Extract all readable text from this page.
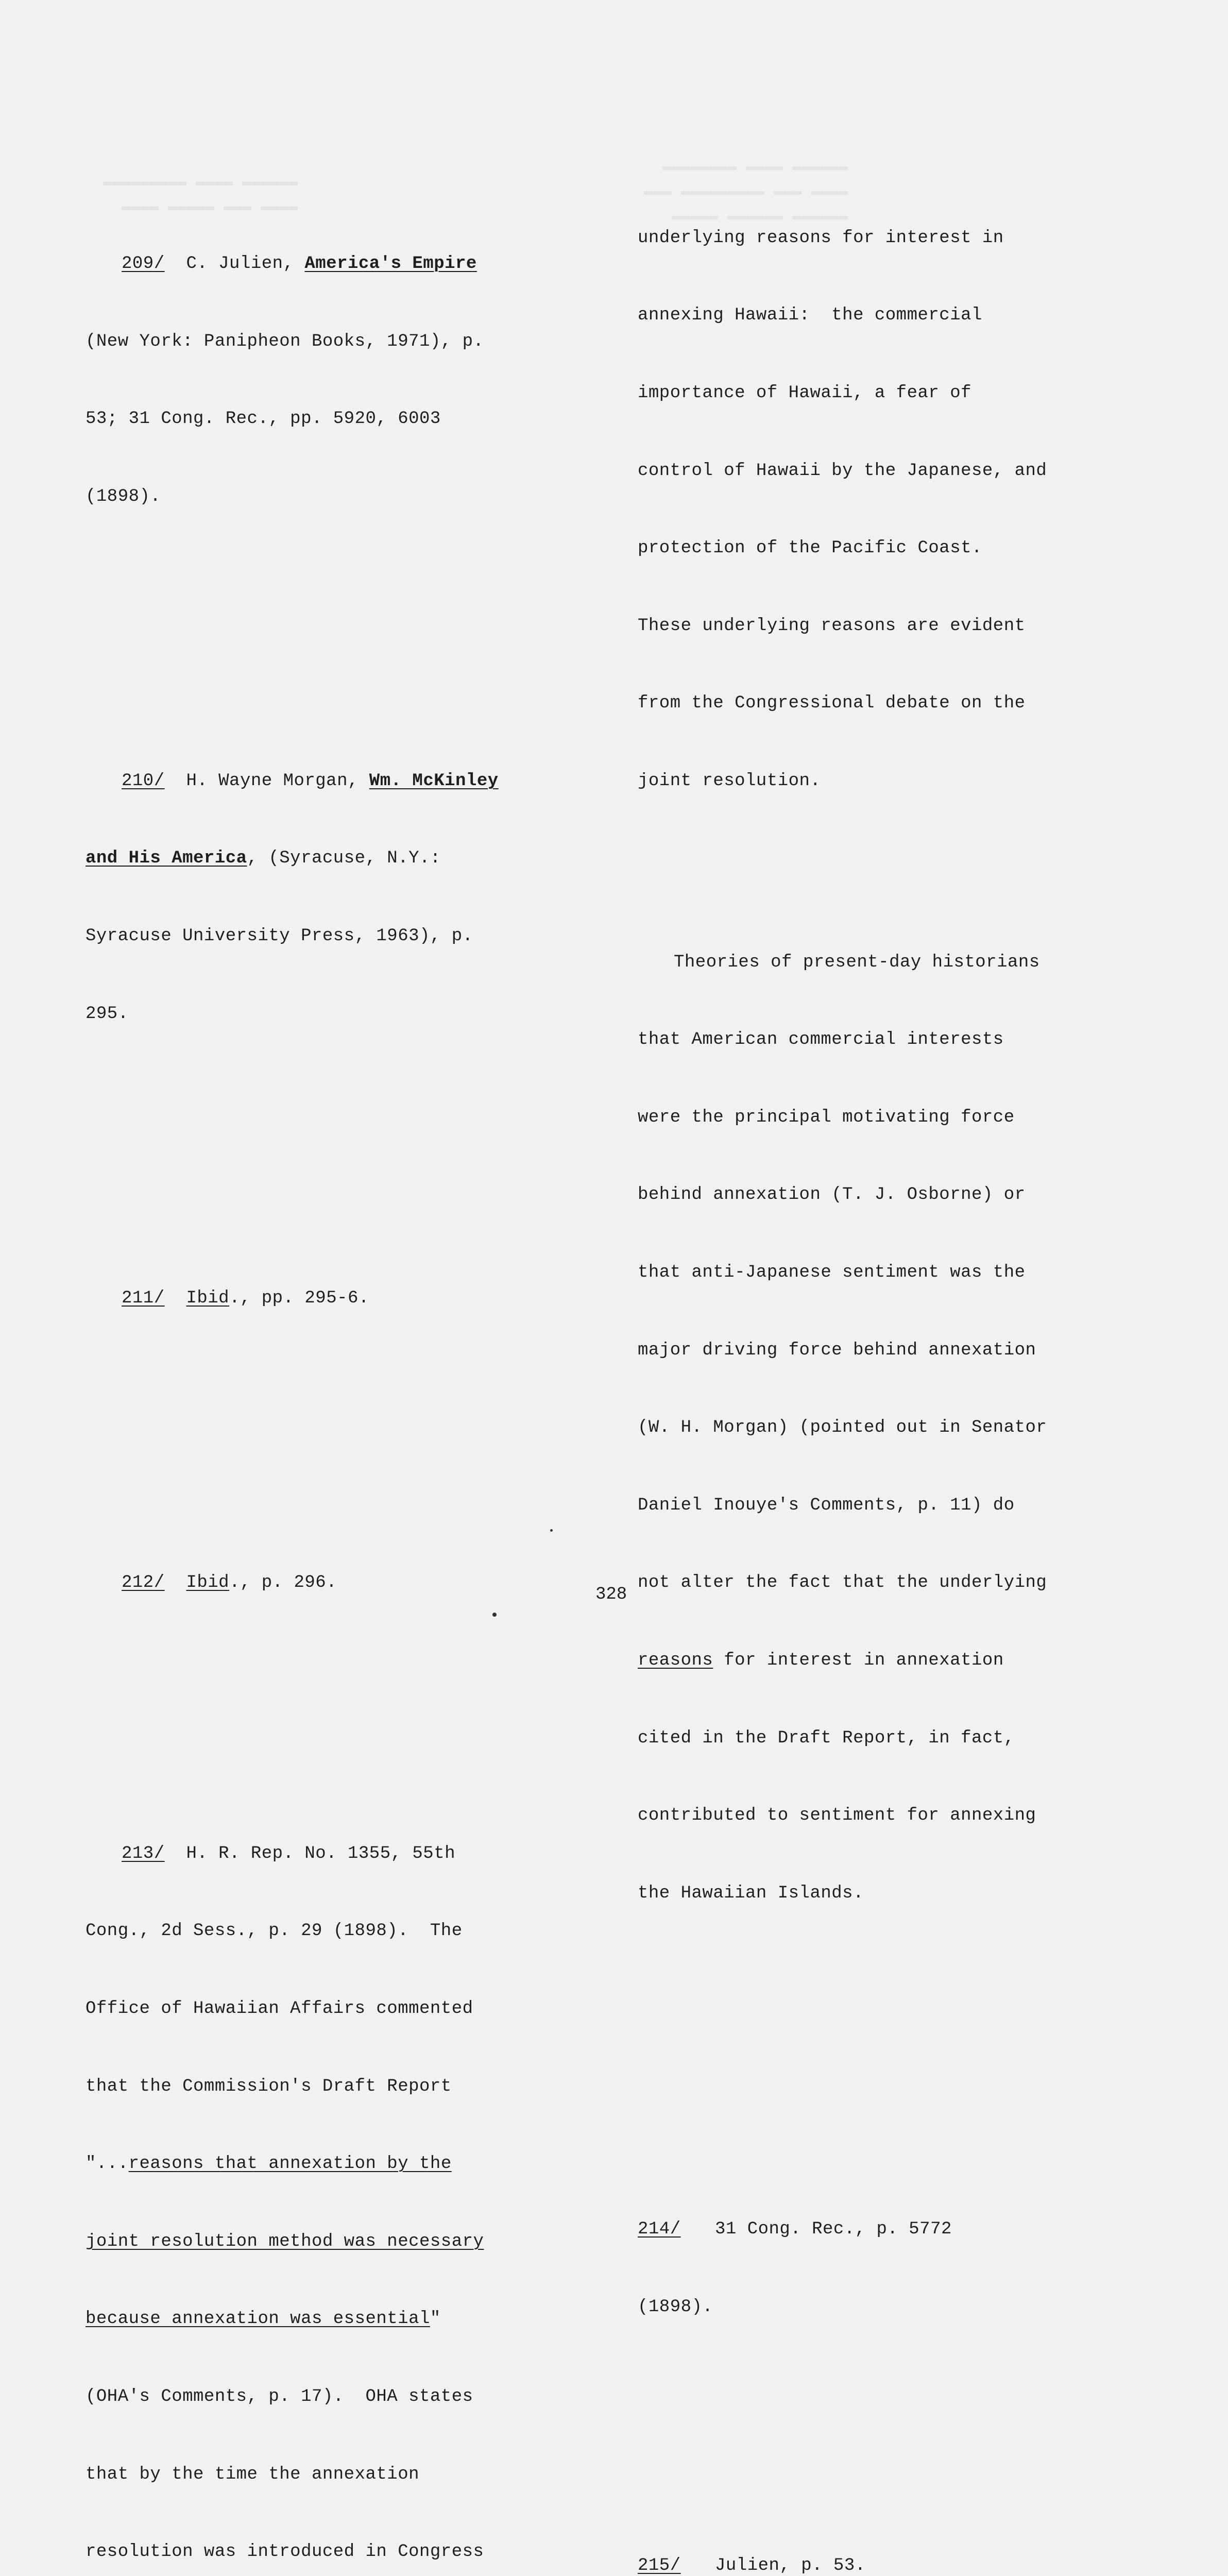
▬▬▬▬▬▬ ▬▬▬▬ ▬▬▬▬▬▬▬▬
▬▬▬▬ ▬▬▬ ▬▬▬▬▬▬▬▬▬ ▬▬▬
▬▬▬▬▬▬ ▬▬▬▬▬▬ ▬▬▬▬▬
▬▬▬▬▬▬ ▬▬▬▬ ▬▬▬▬▬▬▬▬▬
▬▬▬▬ ▬▬▬ ▬▬▬▬▬ ▬▬▬▬

209/ C. Julien, America's Empire

(New York: Panipheon Books, 1971), p.

53; 31 Cong. Rec., pp. 5920, 6003

(1898).

210/ H. Wayne Morgan, Wm. McKinley

and His America, (Syracuse, N.Y.:

Syracuse University Press, 1963), p.

295.

211/ Ibid., pp. 295-6.

212/ Ibid., p. 296.

213/ H. R. Rep. No. 1355, 55th

Cong., 2d Sess., p. 29 (1898).  The

Office of Hawaiian Affairs commented

that the Commission's Draft Report

"...reasons that annexation by the

joint resolution method was necessary

because annexation was essential"

(OHA's Comments, p. 17).  OHA states

that by the time the annexation

resolution was introduced in Congress

underlying reasons for interest in

annexing Hawaii:  the commercial

importance of Hawaii, a fear of

control of Hawaii by the Japanese, and

protection of the Pacific Coast.

These underlying reasons are evident

from the Congressional debate on the

joint resolution.

Theories of present-day historians

that American commercial interests

were the principal motivating force

behind annexation (T. J. Osborne) or

that anti-Japanese sentiment was the

major driving force behind annexation

(W. H. Morgan) (pointed out in Senator

Daniel Inouye's Comments, p. 11) do

not alter the fact that the underlying

reasons for interest in annexation

cited in the Draft Report, in fact,

contributed to sentiment for annexing

the Hawaiian Islands.

214/ 31 Cong. Rec., p. 5772

(1898).

215/ Julien, p. 53.

328
